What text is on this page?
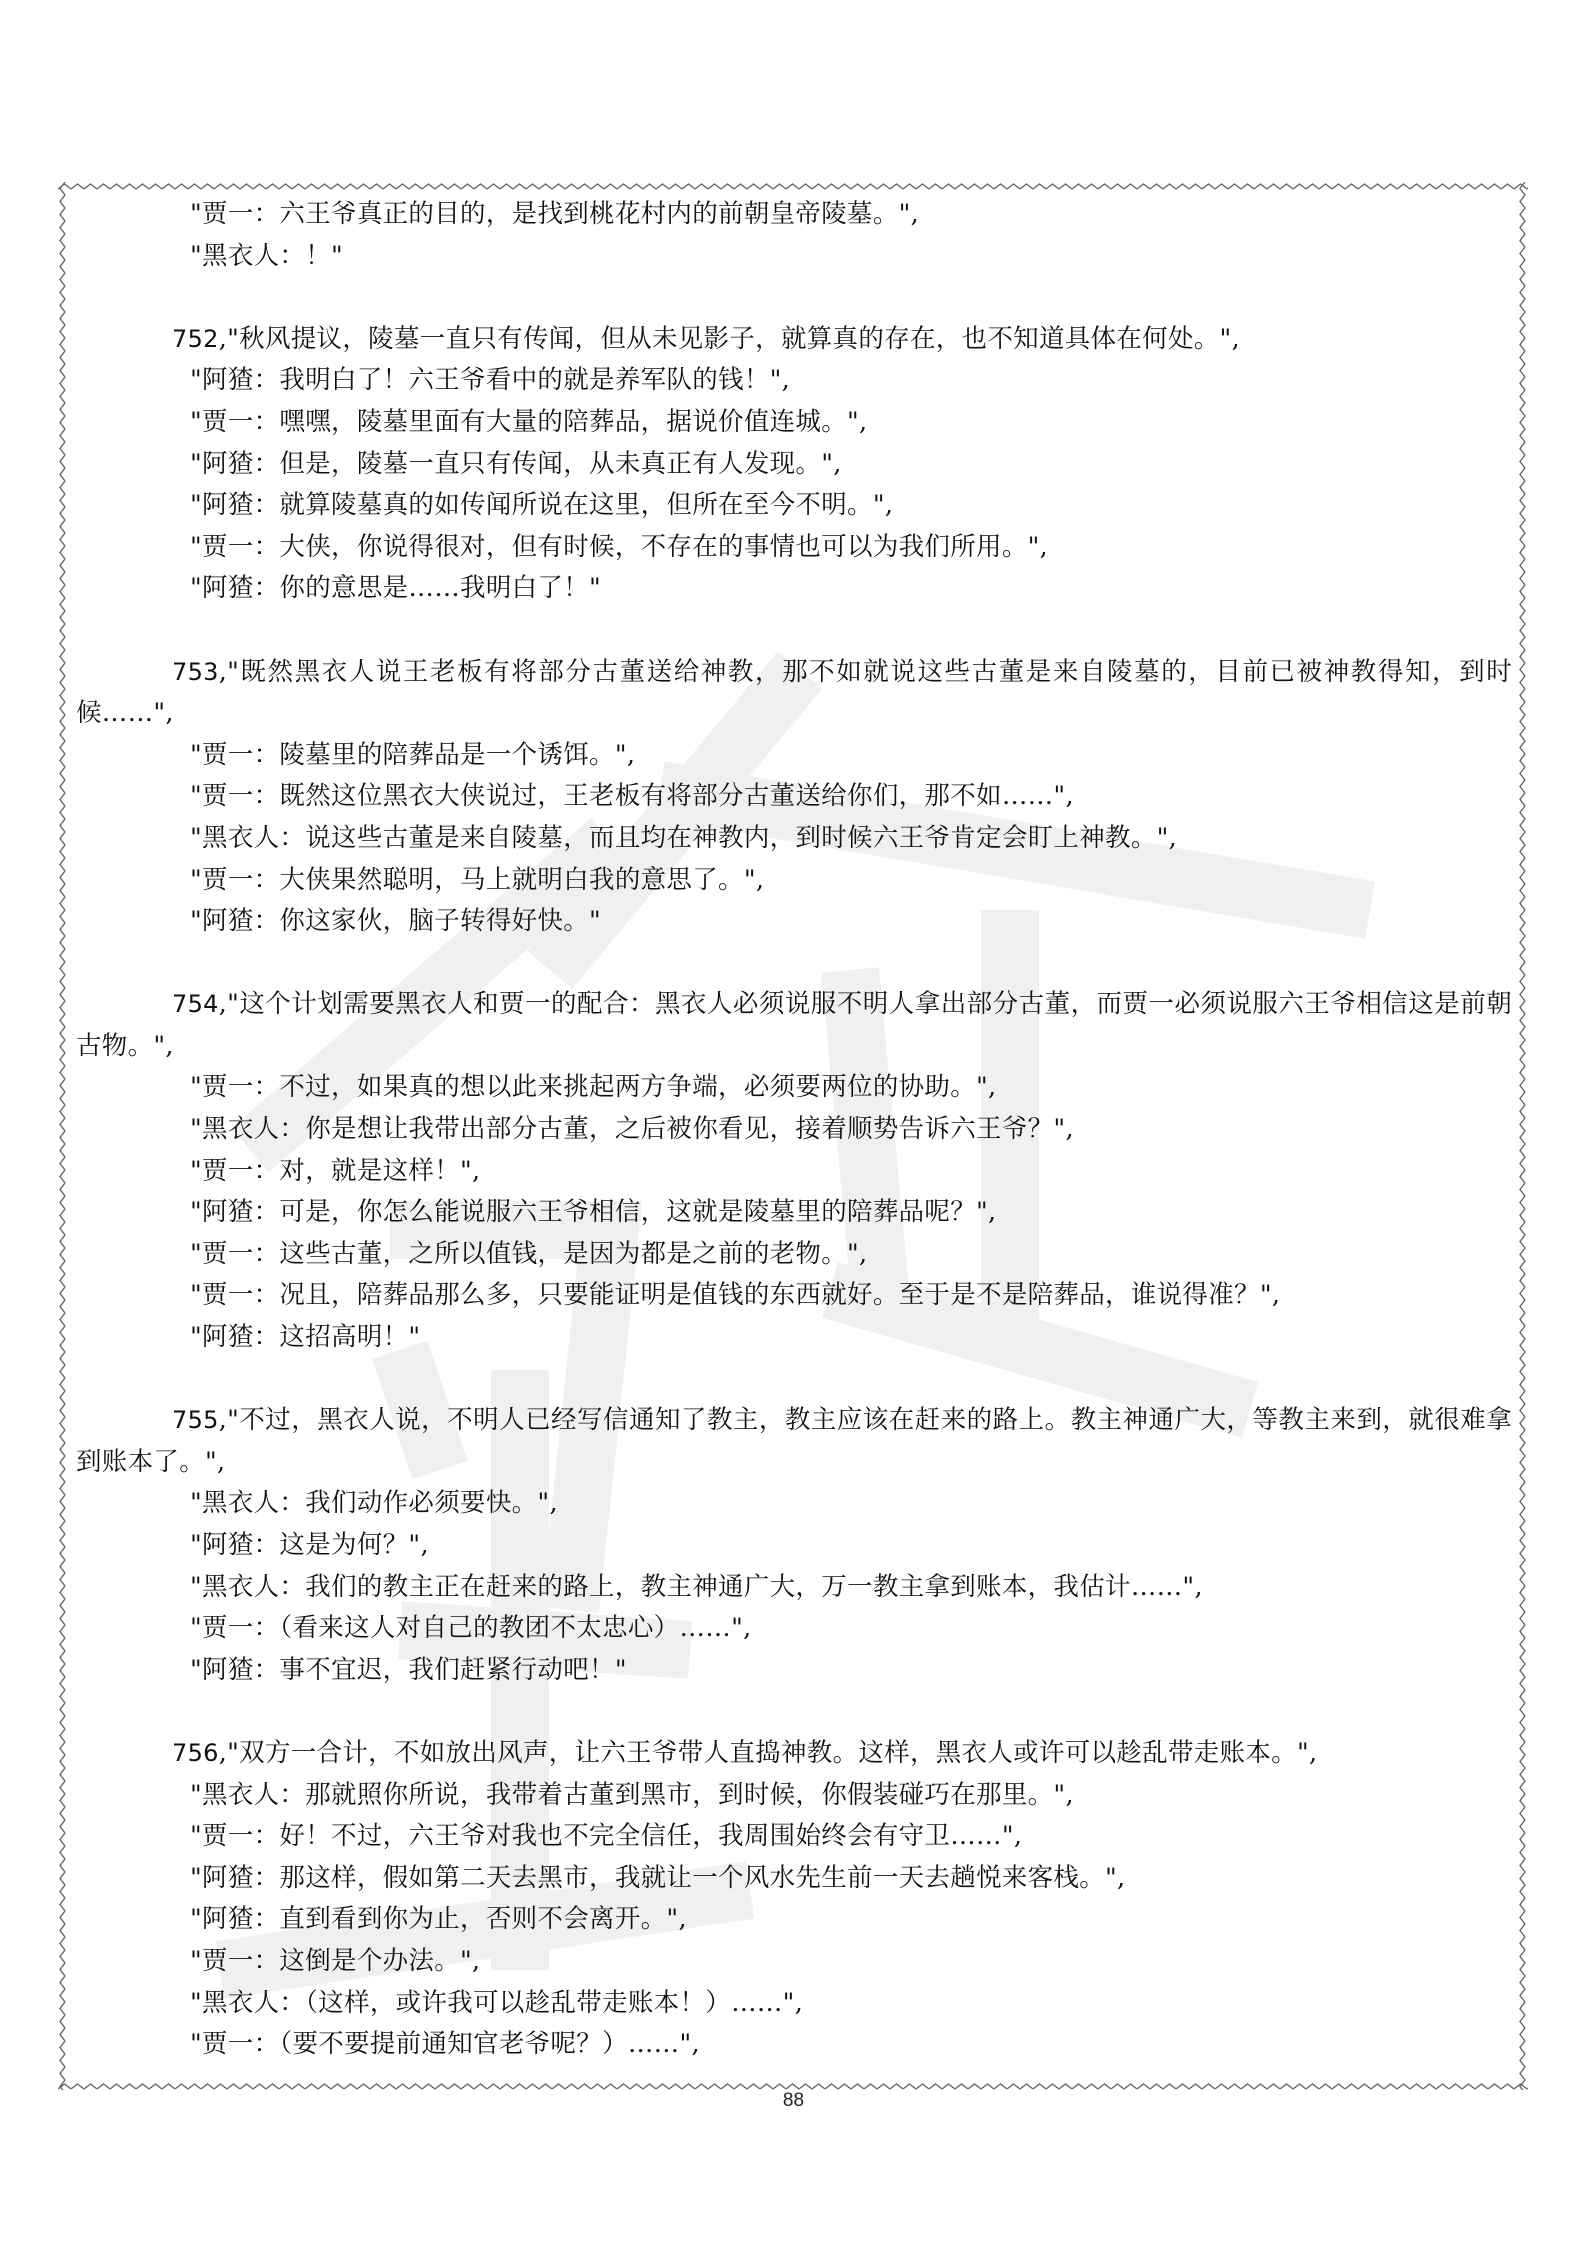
"贾一：六王爷真正的目的，是找到桃花村内的前朝皇帝陵墓。",

"黑衣人：！"

752,"秋风提议，陵墓一直只有传闻，但从未见影子，就算真的存在，也不知道具体在何处。",

"阿猹：我明白了！六王爷看中的就是养军队的钱！",

"贾一：嘿嘿，陵墓里面有大量的陪葬品，据说价值连城。",

"阿猹：但是，陵墓一直只有传闻，从未真正有人发现。",

"阿猹：就算陵墓真的如传闻所说在这里，但所在至今不明。",

"贾一：大侠，你说得很对，但有时候，不存在的事情也可以为我们所用。",

"阿猹：你的意思是……我明白了！"

753,"既然黑衣人说王老板有将部分古董送给神教，那不如就说这些古董是来自陵墓的，目前已被神教得知，到时候……",

"贾一：陵墓里的陪葬品是一个诱饵。",

"贾一：既然这位黑衣大侠说过，王老板有将部分古董送给你们，那不如……",

"黑衣人：说这些古董是来自陵墓，而且均在神教内，到时候六王爷肯定会盯上神教。",

"贾一：大侠果然聪明，马上就明白我的意思了。",

"阿猹：你这家伙，脑子转得好快。"

754,"这个计划需要黑衣人和贾一的配合：黑衣人必须说服不明人拿出部分古董，而贾一必须说服六王爷相信这是前朝古物。",

"贾一：不过，如果真的想以此来挑起两方争端，必须要两位的协助。",

"黑衣人：你是想让我带出部分古董，之后被你看见，接着顺势告诉六王爷？",

"贾一：对，就是这样！",

"阿猹：可是，你怎么能说服六王爷相信，这就是陵墓里的陪葬品呢？",

"贾一：这些古董，之所以值钱，是因为都是之前的老物。",

"贾一：况且，陪葬品那么多，只要能证明是值钱的东西就好。至于是不是陪葬品，谁说得准？",

"阿猹：这招高明！"

755,"不过，黑衣人说，不明人已经写信通知了教主，教主应该在赶来的路上。教主神通广大，等教主来到，就很难拿到账本了。",

"黑衣人：我们动作必须要快。",

"阿猹：这是为何？",

"黑衣人：我们的教主正在赶来的路上，教主神通广大，万一教主拿到账本，我估计……",

"贾一：（看来这人对自己的教团不太忠心）……",

"阿猹：事不宜迟，我们赶紧行动吧！"

756,"双方一合计，不如放出风声，让六王爷带人直捣神教。这样，黑衣人或许可以趁乱带走账本。",

"黑衣人：那就照你所说，我带着古董到黑市，到时候，你假装碰巧在那里。",

"贾一：好！不过，六王爷对我也不完全信任，我周围始终会有守卫……",

"阿猹：那这样，假如第二天去黑市，我就让一个风水先生前一天去趟悦来客栈。",

"阿猹：直到看到你为止，否则不会离开。",

"贾一：这倒是个办法。",

"黑衣人：（这样，或许我可以趁乱带走账本！）……",

"贾一：（要不要提前通知官老爷呢？）……",

88
